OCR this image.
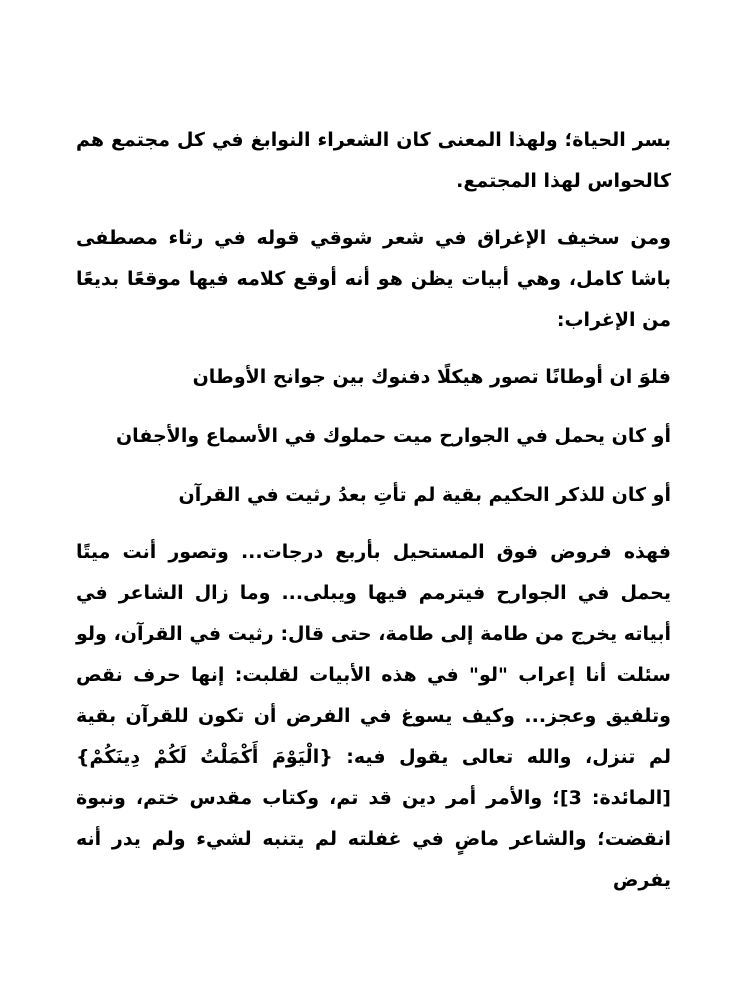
بسر الحياة؛ ولهذا المعنى كان الشعراء النوابغ في كل مجتمع هم كالحواس لهذا المجتمع.

ومن سخيف الإغراق في شعر شوقي قوله في رثاء مصطفى باشا كامل، وهي أبيات يظن هو أنه أوقع كلامه فيها موقعًا بديعًا من الإغراب:

فلوَ ان أوطانًا تصور هيكلًا دفنوك بين جوانح الأوطان

أو كان يحمل في الجوارح ميت حملوك في الأسماع والأجفان

أو كان للذكر الحكيم بقية لم تأتِ بعدُ رثيت في القرآن

فهذه فروض فوق المستحيل بأربع درجات... وتصور أنت ميتًا يحمل في الجوارح فيترمم فيها ويبلى... وما زال الشاعر في أبياته يخرج من طامة إلى طامة، حتى قال: رثيت في القرآن، ولو سئلت أنا إعراب "لو" في هذه الأبيات لقلبت: إنها حرف نقص وتلفيق وعجز... وكيف يسوغ في الفرض أن تكون للقرآن بقية لم تنزل، والله تعالى يقول فيه: {الْيَوْمَ أَكْمَلْتُ لَكُمْ دِينَكُمْ} [المائدة: 3]؛ والأمر أمر دين قد تم، وكتاب مقدس ختم، ونبوة انقضت؛ والشاعر ماضٍ في غفلته لم يتنبه لشيء ولم يدر أنه يفرض
